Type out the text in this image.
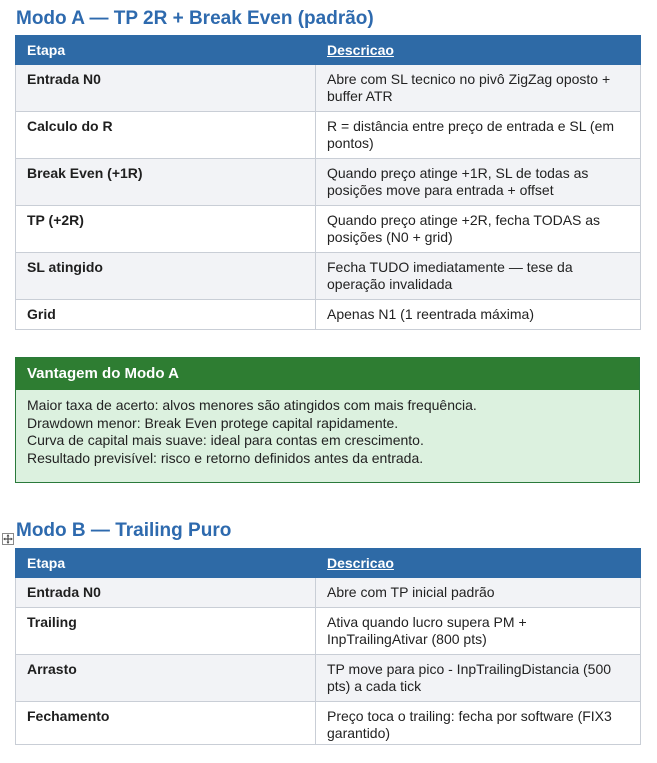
Modo A — TP 2R + Break Even (padrão)
Etapa	Descricao
Entrada N0	Abre com SL tecnico no pivô ZigZag oposto + buffer ATR
Calculo do R	R = distância entre preço de entrada e SL (em pontos)
Break Even (+1R)	Quando preço atinge +1R, SL de todas as posições move para entrada + offset
TP (+2R)	Quando preço atinge +2R, fecha TODAS as posições (N0 + grid)
SL atingido	Fecha TUDO imediatamente — tese da operação invalidada
Grid	Apenas N1 (1 reentrada máxima)
Vantagem do Modo A
Maior taxa de acerto: alvos menores são atingidos com mais frequência.
Drawdown menor: Break Even protege capital rapidamente.
Curva de capital mais suave: ideal para contas em crescimento.
Resultado previsível: risco e retorno definidos antes da entrada.
Modo B — Trailing Puro
Etapa	Descricao
Entrada N0	Abre com TP inicial padrão
Trailing	Ativa quando lucro supera PM + InpTrailingAtivar (800 pts)
Arrasto	TP move para pico - InpTrailingDistancia (500 pts) a cada tick
Fechamento	Preço toca o trailing: fecha por software (FIX3 garantido)
